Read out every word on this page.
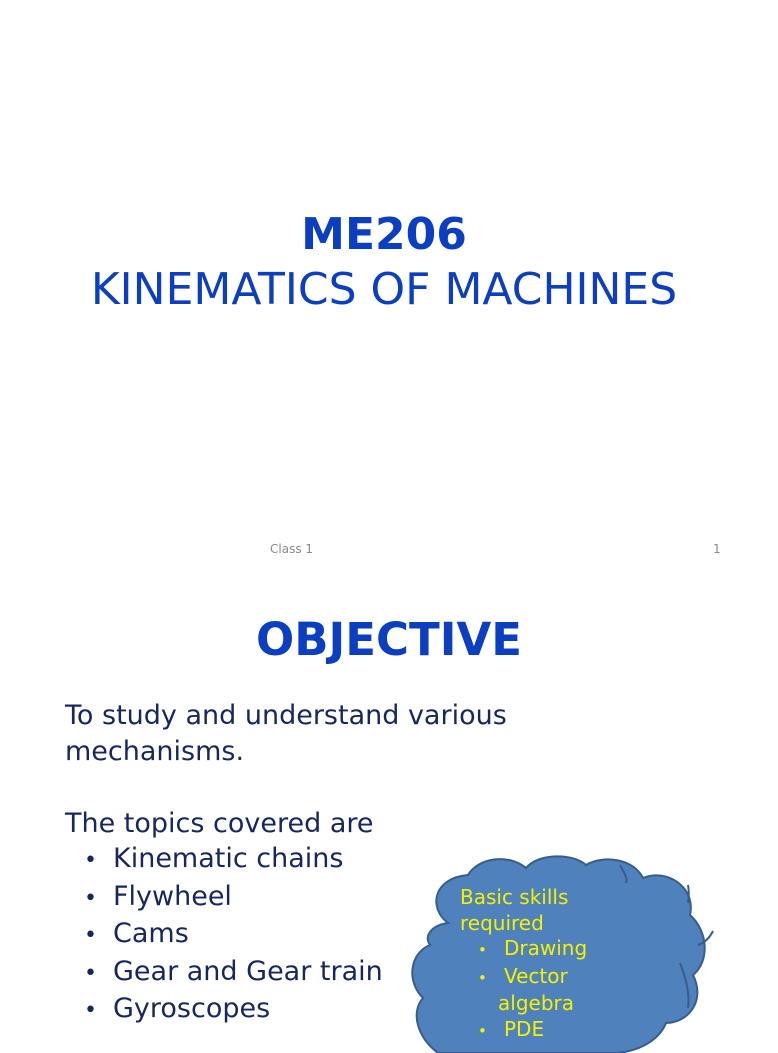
ME206
KINEMATICS OF MACHINES
Class 1	1
OBJECTIVE
To study and understand various
mechanisms.
The topics covered are
• Kinematic chains
• Flywheel
• Cams
• Gear and Gear train
• Gyroscopes
Basic skills
required
• Drawing
• Vector
algebra
• PDE
